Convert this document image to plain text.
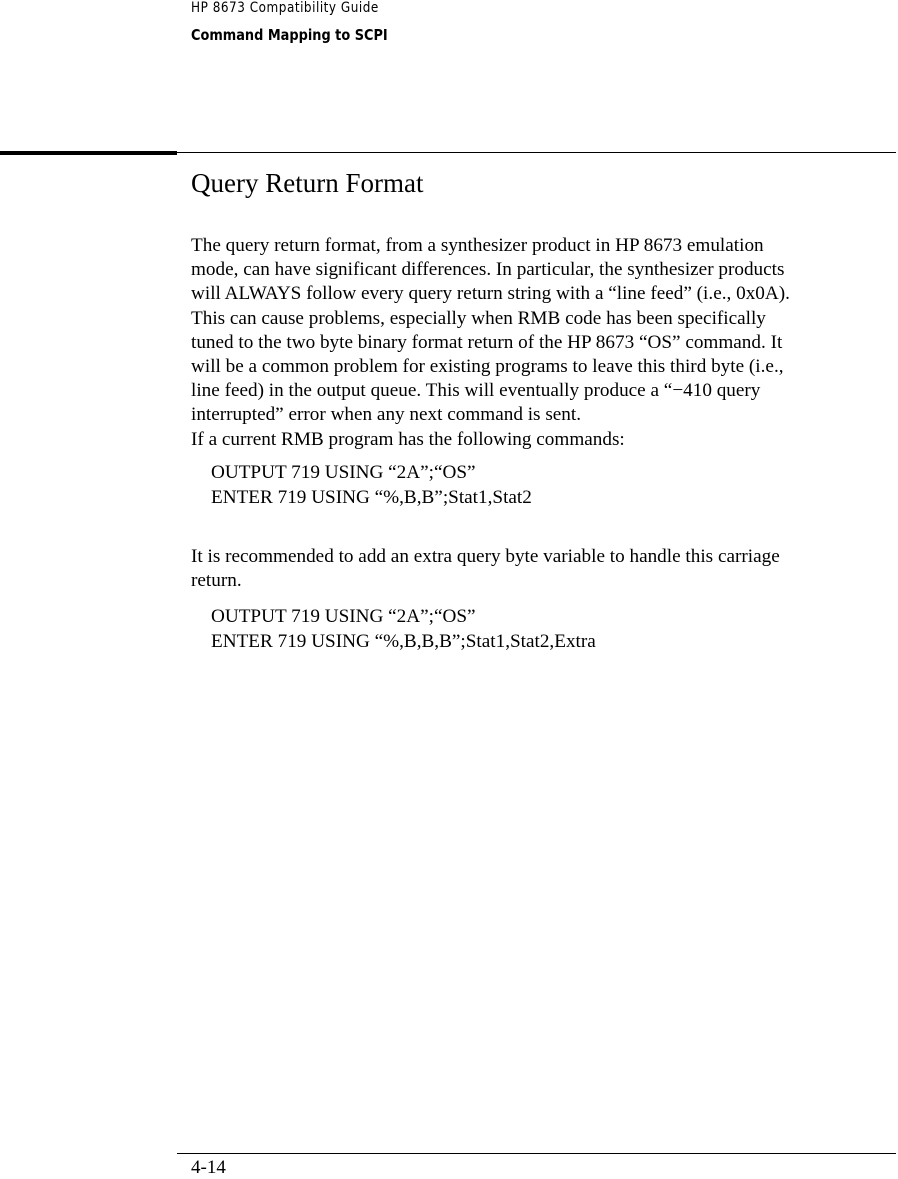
HP 8673 Compatibility Guide
Command Mapping to SCPI
Query Return Format
The query return format, from a synthesizer product in HP 8673 emulation
mode, can have significant differences. In particular, the synthesizer products
will ALWAYS follow every query return string with a “line feed” (i.e., 0x0A).
This can cause problems, especially when RMB code has been specifically
tuned to the two byte binary format return of the HP 8673 “OS” command. It
will be a common problem for existing programs to leave this third byte (i.e.,
line feed) in the output queue. This will eventually produce a “−410 query
interrupted” error when any next command is sent.
If a current RMB program has the following commands:
OUTPUT 719 USING “2A”;“OS”
ENTER 719 USING “%,B,B”;Stat1,Stat2
It is recommended to add an extra query byte variable to handle this carriage
return.
OUTPUT 719 USING “2A”;“OS”
ENTER 719 USING “%,B,B,B”;Stat1,Stat2,Extra
4-14
